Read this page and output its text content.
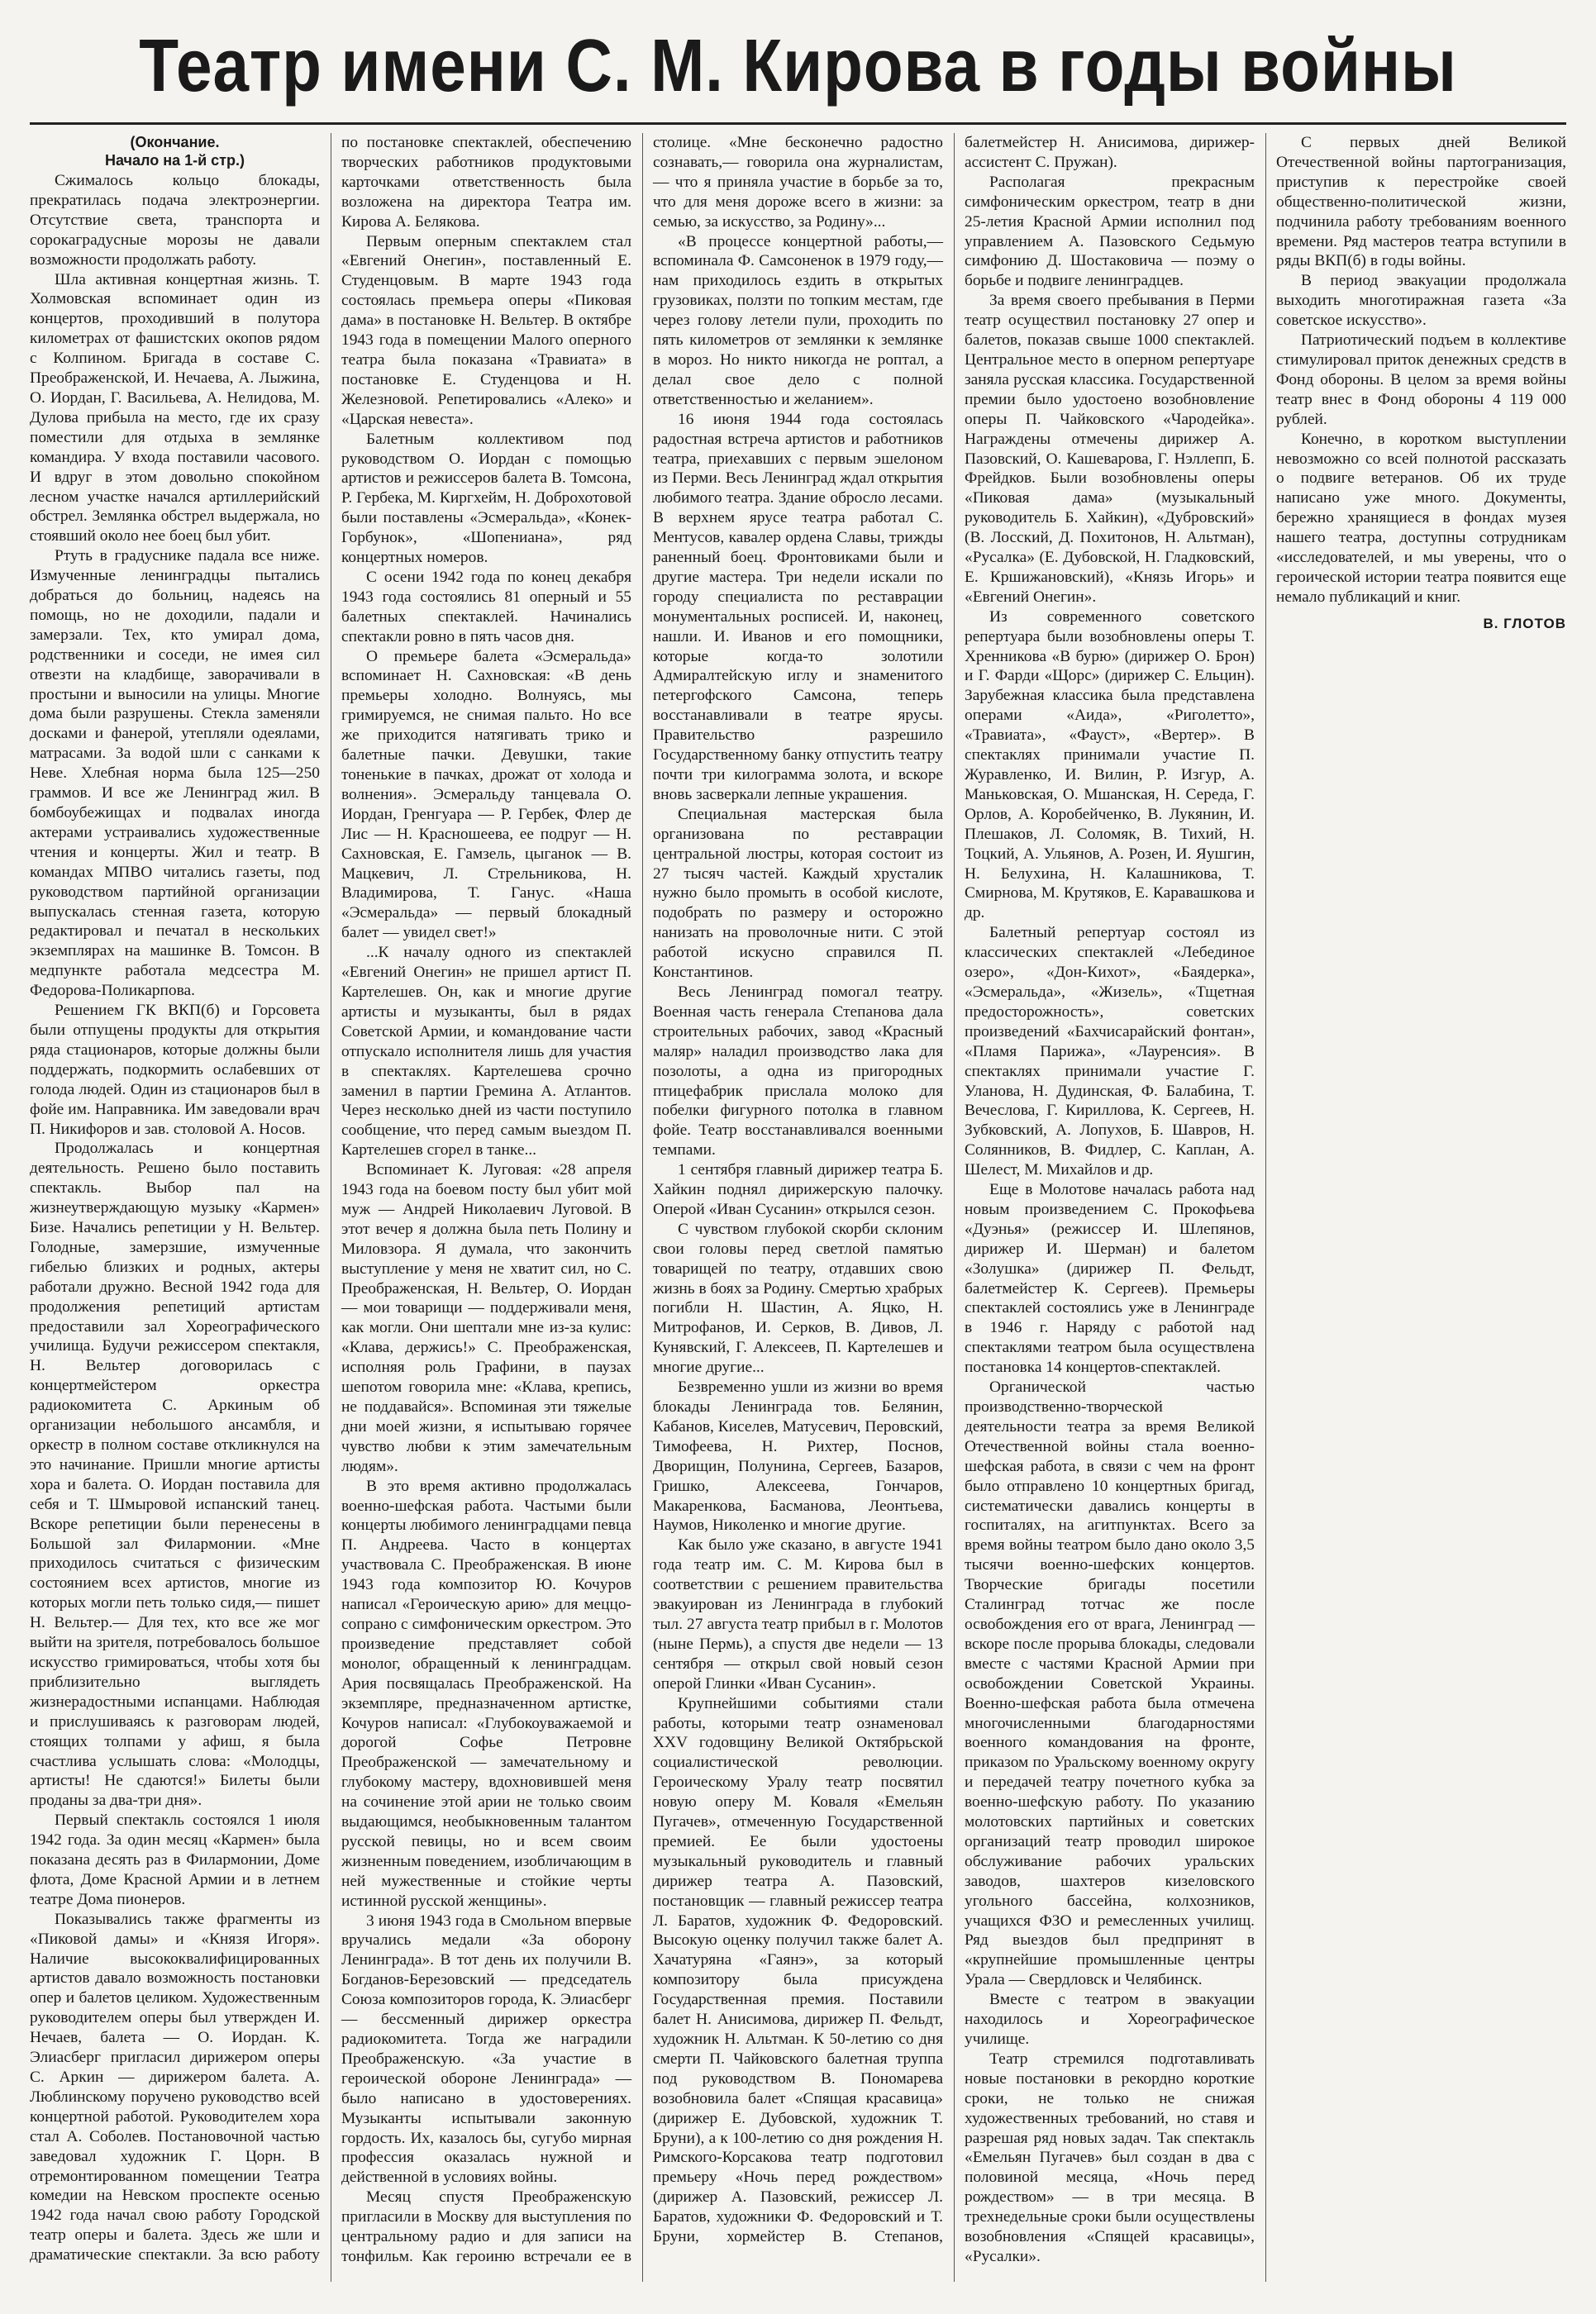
Театр имени С. М. Кирова в годы войны

(Окончание.
Начало на 1-й стр.)

Сжималось кольцо блокады, прекратилась подача электроэнергии. Отсутствие света, транспорта и сорокаградусные морозы не давали возможности продолжать работу.

Шла активная концертная жизнь. Т. Холмовская вспоминает один из концертов, проходивший в полутора километрах от фашистских окопов рядом с Колпином. Бригада в составе С. Преображенской, И. Нечаева, А. Лыжина, О. Иордан, Г. Васильева, А. Нелидова, М. Дулова прибыла на место, где их сразу поместили для отдыха в землянке командира. У входа поставили часового. И вдруг в этом довольно спокойном лесном участке начался артиллерийский обстрел. Землянка обстрел выдержала, но стоявший около нее боец был убит.

Ртуть в градуснике падала все ниже. Измученные ленинградцы пытались добраться до больниц, надеясь на помощь, но не доходили, падали и замерзали. Тех, кто умирал дома, родственники и соседи, не имея сил отвезти на кладбище, заворачивали в простыни и выносили на улицы. Многие дома были разрушены. Стекла заменяли досками и фанерой, утепляли одеялами, матрасами. За водой шли с санками к Неве. Хлебная норма была 125—250 граммов. И все же Ленинград жил. В бомбоубежищах и подвалах иногда актерами устраивались художественные чтения и концерты. Жил и театр. В командах МПВО читались газеты, под руководством партийной организации выпускалась стенная газета, которую редактировал и печатал в нескольких экземплярах на машинке В. Томсон. В медпункте работала медсестра М. Федорова-Поликарпова.

Решением ГК ВКП(б) и Горсовета были отпущены продукты для открытия ряда стационаров, которые должны были поддержать, подкормить ослабевших от голода людей. Один из стационаров был в фойе им. Направника. Им заведовали врач П. Никифоров и зав. столовой А. Носов.

Продолжалась и концертная деятельность. Решено было поставить спектакль. Выбор пал на жизнеутверждающую музыку «Кармен» Бизе. Начались репетиции у Н. Вельтер. Голодные, замерзшие, измученные гибелью близких и родных, актеры работали дружно. Весной 1942 года для продолжения репетиций артистам предоставили зал Хореографического училища. Будучи режиссером спектакля, Н. Вельтер договорилась с концертмейстером оркестра радиокомитета С. Аркиным об организации небольшого ансамбля, и оркестр в полном составе откликнулся на это начинание. Пришли многие артисты хора и балета. О. Иордан поставила для себя и Т. Шмыровой испанский танец. Вскоре репетиции были перенесены в Большой зал Филармонии. «Мне приходилось считаться с физическим состоянием всех артистов, многие из которых могли петь только сидя,— пишет Н. Вельтер.— Для тех, кто все же мог выйти на зрителя, потребовалось большое искусство гримироваться, чтобы хотя бы приблизительно выглядеть жизнерадостными испанцами. Наблюдая и прислушиваясь к разговорам людей, стоящих толпами у афиш, я была счастлива услышать слова: «Молодцы, артисты! Не сдаются!» Билеты были проданы за два-три дня».

Первый спектакль состоялся 1 июля 1942 года. За один месяц «Кармен» была показана десять раз в Филармонии, Доме флота, Доме Красной Армии и в летнем театре Дома пионеров.

Показывались также фрагменты из «Пиковой дамы» и «Князя Игоря». Наличие высококвалифицированных артистов давало возможность постановки опер и балетов целиком. Художественным руководителем оперы был утвержден И. Нечаев, балета — О. Иордан. К. Элиасберг пригласил дирижером оперы С. Аркин — дирижером балета. А. Люблинскому поручено руководство всей концертной работой. Руководителем хора стал А. Соболев. Постановочной частью заведовал художник Г. Цорн. В отремонтированном помещении Театра комедии на Невском проспекте осенью 1942 года начал свою работу Городской театр оперы и балета. Здесь же шли и драматические спектакли. За всю работу по постановке спектаклей, обеспечению творческих работников продуктовыми карточками ответственность была возложена на директора Театра им. Кирова А. Белякова.

Первым оперным спектаклем стал «Евгений Онегин», поставленный Е. Студенцовым. В марте 1943 года состоялась премьера оперы «Пиковая дама» в постановке Н. Вельтер. В октябре 1943 года в помещении Малого оперного театра была показана «Травиата» в постановке Е. Студенцова и Н. Железновой. Репетировались «Алеко» и «Царская невеста».

Балетным коллективом под руководством О. Иордан с помощью артистов и режиссеров балета В. Томсона, Р. Гербека, М. Киргхейм, Н. Доброхотовой были поставлены «Эсмеральда», «Конек-Горбунок», «Шопениана», ряд концертных номеров.

С осени 1942 года по конец декабря 1943 года состоялись 81 оперный и 55 балетных спектаклей. Начинались спектакли ровно в пять часов дня.

О премьере балета «Эсмеральда» вспоминает Н. Сахновская: «В день премьеры холодно. Волнуясь, мы гримируемся, не снимая пальто. Но все же приходится натягивать трико и балетные пачки. Девушки, такие тоненькие в пачках, дрожат от холода и волнения». Эсмеральду танцевала О. Иордан, Гренгуара — Р. Гербек, Флер де Лис — Н. Красношеева, ее подруг — Н. Сахновская, Е. Гамзель, цыганок — В. Мацкевич, Л. Стрельникова, Н. Владимирова, Т. Ганус. «Наша «Эсмеральда» — первый блокадный балет — увидел свет!»

...К началу одного из спектаклей «Евгений Онегин» не пришел артист П. Картелешев. Он, как и многие другие артисты и музыканты, был в рядах Советской Армии, и командование части отпускало исполнителя лишь для участия в спектаклях. Картелешева срочно заменил в партии Гремина А. Атлантов. Через несколько дней из части поступило сообщение, что перед самым выездом П. Картелешев сгорел в танке...

Вспоминает К. Луговая: «28 апреля 1943 года на боевом посту был убит мой муж — Андрей Николаевич Луговой. В этот вечер я должна была петь Полину и Миловзора. Я думала, что закончить выступление у меня не хватит сил, но С. Преображенская, Н. Вельтер, О. Иордан — мои товарищи — поддерживали меня, как могли. Они шептали мне из-за кулис: «Клава, держись!» С. Преображенская, исполняя роль Графини, в паузах шепотом говорила мне: «Клава, крепись, не поддавайся». Вспоминая эти тяжелые дни моей жизни, я испытываю горячее чувство любви к этим замечательным людям».

В это время активно продолжалась военно-шефская работа. Частыми были концерты любимого ленинградцами певца П. Андреева. Часто в концертах участвовала С. Преображенская. В июне 1943 года композитор Ю. Кочуров написал «Героическую арию» для меццо-сопрано с симфоническим оркестром. Это произведение представляет собой монолог, обращенный к ленинградцам. Ария посвящалась Преображенской. На экземпляре, предназначенном артистке, Кочуров написал: «Глубокоуважаемой и дорогой Софье Петровне Преображенской — замечательному и глубокому мастеру, вдохновившей меня на сочинение этой арии не только своим выдающимся, необыкновенным талантом русской певицы, но и всем своим жизненным поведением, изобличающим в ней мужественные и стойкие черты истинной русской женщины».

3 июня 1943 года в Смольном впервые вручались медали «За оборону Ленинграда». В тот день их получили В. Богданов-Березовский — председатель Союза композиторов города, К. Элиасберг — бессменный дирижер оркестра радиокомитета. Тогда же наградили Преображенскую. «За участие в героической обороне Ленинграда» — было написано в удостоверениях. Музыканты испытывали законную гордость. Их, казалось бы, сугубо мирная профессия оказалась нужной и действенной в условиях войны.

Месяц спустя Преображенскую пригласили в Москву для выступления по центральному радио и для записи на тонфильм. Как героиню встречали ее в столице. «Мне бесконечно радостно сознавать,— говорила она журналистам,— что я приняла участие в борьбе за то, что для меня дороже всего в жизни: за семью, за искусство, за Родину»...

«В процессе концертной работы,— вспоминала Ф. Самсоненок в 1979 году,— нам приходилось ездить в открытых грузовиках, ползти по топким местам, где через голову летели пули, проходить по пять километров от землянки к землянке в мороз. Но никто никогда не роптал, а делал свое дело с полной ответственностью и желанием».

16 июня 1944 года состоялась радостная встреча артистов и работников театра, приехавших с первым эшелоном из Перми. Весь Ленинград ждал открытия любимого театра. Здание обросло лесами. В верхнем ярусе театра работал С. Ментусов, кавалер ордена Славы, трижды раненный боец. Фронтовиками были и другие мастера. Три недели искали по городу специалиста по реставрации монументальных росписей. И, наконец, нашли. И. Иванов и его помощники, которые когда-то золотили Адмиралтейскую иглу и знаменитого петергофского Самсона, теперь восстанавливали в театре ярусы. Правительство разрешило Государственному банку отпустить театру почти три килограмма золота, и вскоре вновь засверкали лепные украшения.

Специальная мастерская была организована по реставрации центральной люстры, которая состоит из 27 тысяч частей. Каждый хрусталик нужно было промыть в особой кислоте, подобрать по размеру и осторожно нанизать на проволочные нити. С этой работой искусно справился П. Константинов.

Весь Ленинград помогал театру. Военная часть генерала Степанова дала строительных рабочих, завод «Красный маляр» наладил производство лака для позолоты, а одна из пригородных птицефабрик прислала молоко для побелки фигурного потолка в главном фойе. Театр восстанавливался военными темпами.

1 сентября главный дирижер театра Б. Хайкин поднял дирижерскую палочку. Оперой «Иван Сусанин» открылся сезон.

С чувством глубокой скорби склоним свои головы перед светлой памятью товарищей по театру, отдавших свою жизнь в боях за Родину. Смертью храбрых погибли Н. Шастин, А. Яцко, Н. Митрофанов, И. Серков, В. Дивов, Л. Кунявский, Г. Алексеев, П. Картелешев и многие другие...

Безвременно ушли из жизни во время блокады Ленинграда тов. Белянин, Кабанов, Киселев, Матусевич, Перовский, Тимофеева, Н. Рихтер, Поснов, Дворищин, Полунина, Сергеев, Базаров, Гришко, Алексеева, Гончаров, Макаренкова, Басманова, Леонтьева, Наумов, Николенко и многие другие.

Как было уже сказано, в августе 1941 года театр им. С. М. Кирова был в соответствии с решением правительства эвакуирован из Ленинграда в глубокий тыл. 27 августа театр прибыл в г. Молотов (ныне Пермь), а спустя две недели — 13 сентября — открыл свой новый сезон оперой Глинки «Иван Сусанин».

Крупнейшими событиями стали работы, которыми театр ознаменовал XXV годовщину Великой Октябрьской социалистической революции. Героическому Уралу театр посвятил новую оперу М. Коваля «Емельян Пугачев», отмеченную Государственной премией. Ее были удостоены музыкальный руководитель и главный дирижер театра А. Пазовский, постановщик — главный режиссер театра Л. Баратов, художник Ф. Федоровский. Высокую оценку получил также балет А. Хачатуряна «Гаянэ», за который композитору была присуждена Государственная премия. Поставили балет Н. Анисимова, дирижер П. Фельдт, художник Н. Альтман. К 50-летию со дня смерти П. Чайковского балетная труппа под руководством В. Пономарева возобновила балет «Спящая красавица» (дирижер Е. Дубовской, художник Т. Бруни), а к 100-летию со дня рождения Н. Римского-Корсакова театр подготовил премьеру «Ночь перед рождеством» (дирижер А. Пазовский, режиссер Л. Баратов, художники Ф. Федоровский и Т. Бруни, хормейстер В. Степанов, балетмейстер Н. Анисимова, дирижер-ассистент С. Пружан).

Располагая прекрасным симфоническим оркестром, театр в дни 25-летия Красной Армии исполнил под управлением А. Пазовского Седьмую симфонию Д. Шостаковича — поэму о борьбе и подвиге ленинградцев.

За время своего пребывания в Перми театр осуществил постановку 27 опер и балетов, показав свыше 1000 спектаклей. Центральное место в оперном репертуаре заняла русская классика. Государственной премии было удостоено возобновление оперы П. Чайковского «Чародейка». Награждены отмечены дирижер А. Пазовский, О. Кашеварова, Г. Нэллепп, Б. Фрейдков. Были возобновлены оперы «Пиковая дама» (музыкальный руководитель Б. Хайкин), «Дубровский» (В. Лосский, Д. Похитонов, Н. Альтман), «Русалка» (Е. Дубовской, Н. Гладковский, Е. Кршижановский), «Князь Игорь» и «Евгений Онегин».

Из современного советского репертуара были возобновлены оперы Т. Хренникова «В бурю» (дирижер О. Брон) и Г. Фарди «Щорс» (дирижер С. Ельцин). Зарубежная классика была представлена операми «Аида», «Риголетто», «Травиата», «Фауст», «Вертер». В спектаклях принимали участие П. Журавленко, И. Вилин, Р. Изгур, А. Маньковская, О. Мшанская, Н. Середа, Г. Орлов, А. Коробейченко, В. Лукянин, И. Плешаков, Л. Соломяк, В. Тихий, Н. Тоцкий, А. Ульянов, А. Розен, И. Яушгин, Н. Белухина, Н. Калашникова, Т. Смирнова, М. Крутяков, Е. Каравашкова и др.

Балетный репертуар состоял из классических спектаклей «Лебединое озеро», «Дон-Кихот», «Баядерка», «Эсмеральда», «Жизель», «Тщетная предосторожность», советских произведений «Бахчисарайский фонтан», «Пламя Парижа», «Лауренсия». В спектаклях принимали участие Г. Уланова, Н. Дудинская, Ф. Балабина, Т. Вечеслова, Г. Кириллова, К. Сергеев, Н. Зубковский, А. Лопухов, Б. Шавров, Н. Солянников, В. Фидлер, С. Каплан, А. Шелест, М. Михайлов и др.

Еще в Молотове началась работа над новым произведением С. Прокофьева «Дуэнья» (режиссер И. Шлепянов, дирижер И. Шерман) и балетом «Золушка» (дирижер П. Фельдт, балетмейстер К. Сергеев). Премьеры спектаклей состоялись уже в Ленинграде в 1946 г. Наряду с работой над спектаклями театром была осуществлена постановка 14 концертов-спектаклей.

Органической частью производственно-творческой деятельности театра за время Великой Отечественной войны стала военно-шефская работа, в связи с чем на фронт было отправлено 10 концертных бригад, систематически давались концерты в госпиталях, на агитпунктах. Всего за время войны театром было дано около 3,5 тысячи военно-шефских концертов. Творческие бригады посетили Сталинград тотчас же после освобождения его от врага, Ленинград — вскоре после прорыва блокады, следовали вместе с частями Красной Армии при освобождении Советской Украины. Военно-шефская работа была отмечена многочисленными благодарностями военного командования на фронте, приказом по Уральскому военному округу и передачей театру почетного кубка за военно-шефскую работу. По указанию молотовских партийных и советских организаций театр проводил широкое обслуживание рабочих уральских заводов, шахтеров кизеловского угольного бассейна, колхозников, учащихся ФЗО и ремесленных училищ. Ряд выездов был предпринят в «крупнейшие промышленные центры Урала — Свердловск и Челябинск.

Вместе с театром в эвакуации находилось и Хореографическое училище.

Театр стремился подготавливать новые постановки в рекордно короткие сроки, не только не снижая художественных требований, но ставя и разрешая ряд новых задач. Так спектакль «Емельян Пугачев» был создан в два с половиной месяца, «Ночь перед рождеством» — в три месяца. В трехнедельные сроки были осуществлены возобновления «Спящей красавицы», «Русалки».

С первых дней Великой Отечественной войны партогранизация, приступив к перестройке своей общественно-политической жизни, подчинила работу требованиям военного времени. Ряд мастеров театра вступили в ряды ВКП(б) в годы войны.

В период эвакуации продолжала выходить многотиражная газета «За советское искусство».

Патриотический подъем в коллективе стимулировал приток денежных средств в Фонд обороны. В целом за время войны театр внес в Фонд обороны 4 119 000 рублей.

Конечно, в коротком выступлении невозможно со всей полнотой рассказать о подвиге ветеранов. Об их труде написано уже много. Документы, бережно хранящиеся в фондах музея нашего театра, доступны сотрудникам «исследователей, и мы уверены, что о героической истории театра появится еще немало публикаций и книг.

В. ГЛОТОВ
